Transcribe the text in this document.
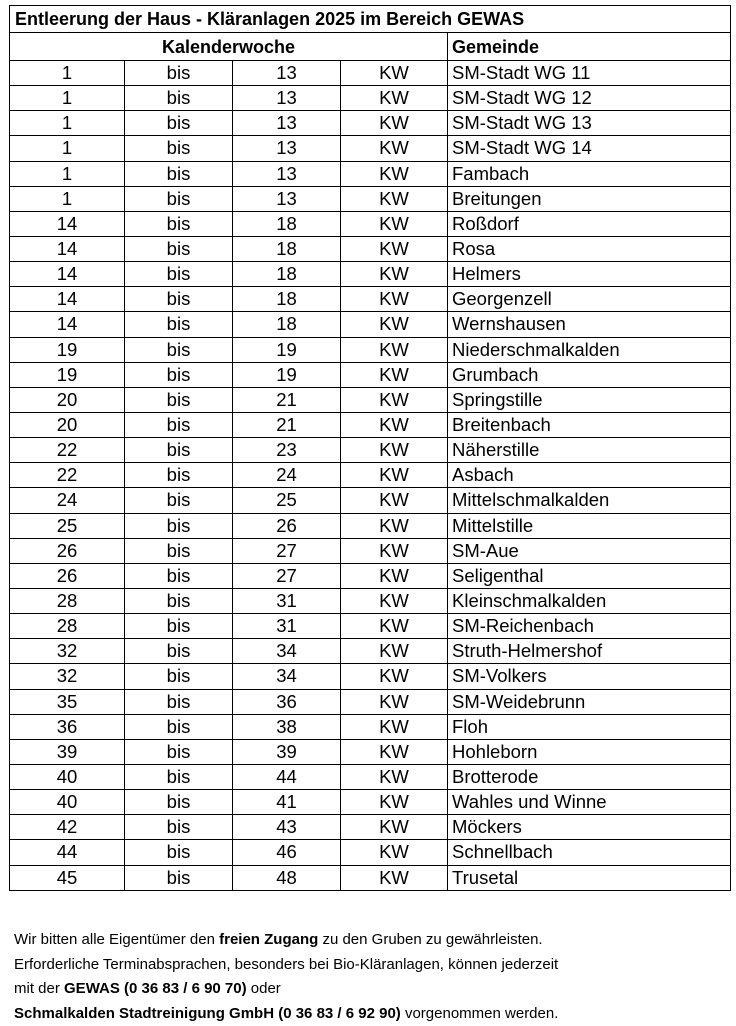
Entleerung der Haus - Kläranlagen 2025 im Bereich GEWAS				
Kalenderwoche				Gemeinde
1	bis	13	KW	SM-Stadt WG 11
1	bis	13	KW	SM-Stadt WG 12
1	bis	13	KW	SM-Stadt WG 13
1	bis	13	KW	SM-Stadt WG 14
1	bis	13	KW	Fambach
1	bis	13	KW	Breitungen
14	bis	18	KW	Roßdorf
14	bis	18	KW	Rosa
14	bis	18	KW	Helmers
14	bis	18	KW	Georgenzell
14	bis	18	KW	Wernshausen
19	bis	19	KW	Niederschmalkalden
19	bis	19	KW	Grumbach
20	bis	21	KW	Springstille
20	bis	21	KW	Breitenbach
22	bis	23	KW	Näherstille
22	bis	24	KW	Asbach
24	bis	25	KW	Mittelschmalkalden
25	bis	26	KW	Mittelstille
26	bis	27	KW	SM-Aue
26	bis	27	KW	Seligenthal
28	bis	31	KW	Kleinschmalkalden
28	bis	31	KW	SM-Reichenbach
32	bis	34	KW	Struth-Helmershof
32	bis	34	KW	SM-Volkers
35	bis	36	KW	SM-Weidebrunn
36	bis	38	KW	Floh
39	bis	39	KW	Hohleborn
40	bis	44	KW	Brotterode
40	bis	41	KW	Wahles und Winne
42	bis	43	KW	Möckers
44	bis	46	KW	Schnellbach
45	bis	48	KW	Trusetal

Wir bitten alle Eigentümer den freien Zugang zu den Gruben zu gewährleisten.

Erforderliche Terminabsprachen, besonders bei Bio-Kläranlagen, können jederzeit

mit der GEWAS (0 36 83 / 6 90 70) oder

Schmalkalden Stadtreinigung GmbH (0 36 83 / 6 92 90) vorgenommen werden.
